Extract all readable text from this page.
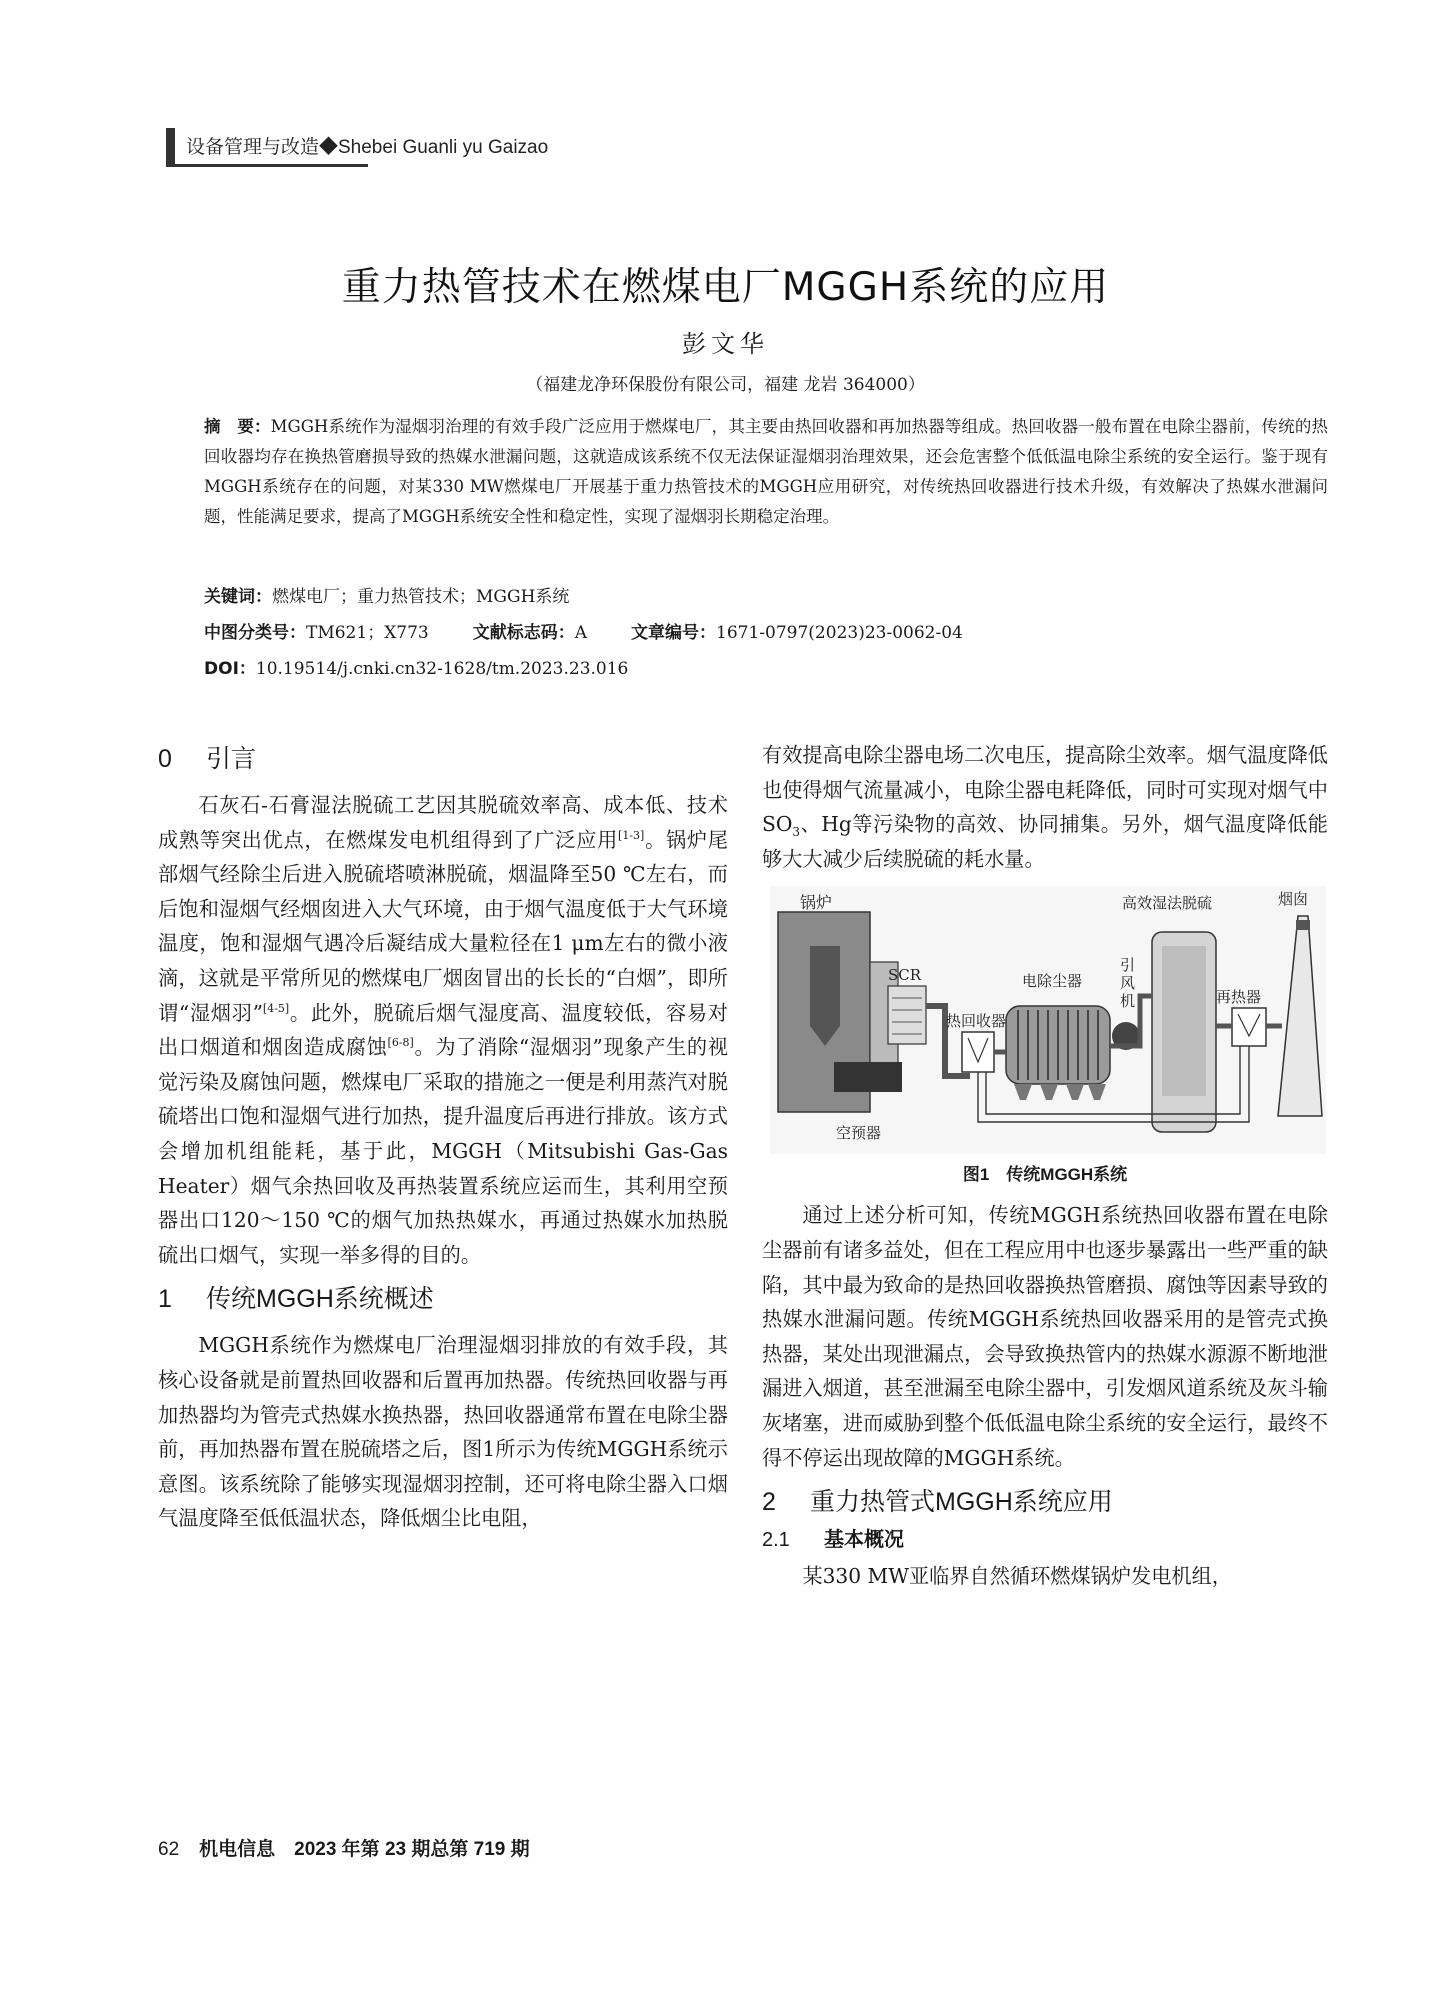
设备管理与改造◆Shebei Guanli yu Gaizao
重力热管技术在燃煤电厂MGGH系统的应用
彭文华
（福建龙净环保股份有限公司，福建 龙岩 364000）
摘　要：MGGH系统作为湿烟羽治理的有效手段广泛应用于燃煤电厂，其主要由热回收器和再加热器等组成。热回收器一般布置在电除尘器前，传统的热回收器均存在换热管磨损导致的热媒水泄漏问题，这就造成该系统不仅无法保证湿烟羽治理效果，还会危害整个低低温电除尘系统的安全运行。鉴于现有MGGH系统存在的问题，对某330 MW燃煤电厂开展基于重力热管技术的MGGH应用研究，对传统热回收器进行技术升级，有效解决了热媒水泄漏问题，性能满足要求，提高了MGGH系统安全性和稳定性，实现了湿烟羽长期稳定治理。
关键词：燃煤电厂；重力热管技术；MGGH系统
中图分类号：TM621；X773	文献标志码：A	文章编号：1671-0797(2023)23-0062-04
DOI：10.19514/j.cnki.cn32-1628/tm.2023.23.016
0 引言

石灰石-石膏湿法脱硫工艺因其脱硫效率高、成本低、技术成熟等突出优点，在燃煤发电机组得到了广泛应用[1-3]。锅炉尾部烟气经除尘后进入脱硫塔喷淋脱硫，烟温降至50 ℃左右，而后饱和湿烟气经烟囱进入大气环境，由于烟气温度低于大气环境温度，饱和湿烟气遇冷后凝结成大量粒径在1 μm左右的微小液滴，这就是平常所见的燃煤电厂烟囱冒出的长长的“白烟”，即所谓“湿烟羽”[4-5]。此外，脱硫后烟气湿度高、温度较低，容易对出口烟道和烟囱造成腐蚀[6-8]。为了消除“湿烟羽”现象产生的视觉污染及腐蚀问题，燃煤电厂采取的措施之一便是利用蒸汽对脱硫塔出口饱和湿烟气进行加热，提升温度后再进行排放。该方式会增加机组能耗，基于此，MGGH（Mitsubishi Gas-Gas Heater）烟气余热回收及再热装置系统应运而生，其利用空预器出口120～150 ℃的烟气加热热媒水，再通过热媒水加热脱硫出口烟气，实现一举多得的目的。

1 传统MGGH系统概述

MGGH系统作为燃煤电厂治理湿烟羽排放的有效手段，其核心设备就是前置热回收器和后置再加热器。传统热回收器与再加热器均为管壳式热媒水换热器，热回收器通常布置在电除尘器前，再加热器布置在脱硫塔之后，图1所示为传统MGGH系统示意图。该系统除了能够实现湿烟羽控制，还可将电除尘器入口烟气温度降至低低温状态，降低烟尘比电阻，

有效提高电除尘器电场二次电压，提高除尘效率。烟气温度降低也使得烟气流量减小，电除尘器电耗降低，同时可实现对烟气中$SO_3$、Hg等污染物的高效、协同捕集。另外，烟气温度降低能够大大减少后续脱硫的耗水量。

锅炉
SCR	电除尘器
引 风 机
高效湿法脱硫	烟囱
热回收器
再热器
空预器
图1　传统MGGH系统

通过上述分析可知，传统MGGH系统热回收器布置在电除尘器前有诸多益处，但在工程应用中也逐步暴露出一些严重的缺陷，其中最为致命的是热回收器换热管磨损、腐蚀等因素导致的热媒水泄漏问题。传统MGGH系统热回收器采用的是管壳式换热器，某处出现泄漏点，会导致换热管内的热媒水源源不断地泄漏进入烟道，甚至泄漏至电除尘器中，引发烟风道系统及灰斗输灰堵塞，进而威胁到整个低低温电除尘系统的安全运行，最终不得不停运出现故障的MGGH系统。

2 重力热管式MGGH系统应用
2.1 基本概况

某330 MW亚临界自然循环燃煤锅炉发电机组，

62 机电信息　2023 年第 23 期总第 719 期
